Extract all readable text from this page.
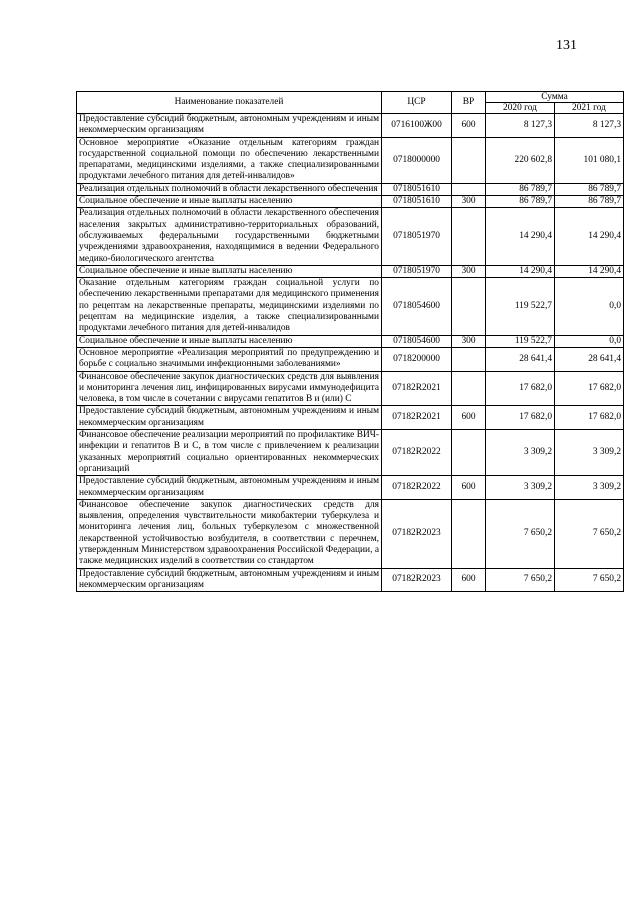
131
Наименование показателей	ЦСР	ВР	Сумма	
			2020 год	2021 год
Предоставление субсидий бюджетным, автономным учреждениям и иным некоммерческим организациям	0716100Ж00	600	8 127,3	8 127,3
Основное мероприятие «Оказание отдельным категориям граждан государственной социальной помощи по обеспечению лекарственными препаратами, медицинскими изделиями, а также специализированными продуктами лечебного питания для детей-инвалидов»	0718000000		220 602,8	101 080,1
Реализация отдельных полномочий в области лекарственного обеспечения	0718051610		86 789,7	86 789,7
Социальное обеспечение и иные выплаты населению	0718051610	300	86 789,7	86 789,7
Реализация отдельных полномочий в области лекарственного обеспечения населения закрытых административно-территориальных образований, обслуживаемых федеральными государственными бюджетными учреждениями здравоохранения, находящимися в ведении Федерального медико-биологического агентства	0718051970		14 290,4	14 290,4
Социальное обеспечение и иные выплаты населению	0718051970	300	14 290,4	14 290,4
Оказание отдельным категориям граждан социальной услуги по обеспечению лекарственными препаратами для медицинского применения по рецептам на лекарственные препараты, медицинскими изделиями по рецептам на медицинские изделия, а также специализированными продуктами лечебного питания для детей-инвалидов	0718054600		119 522,7	0,0
Социальное обеспечение и иные выплаты населению	0718054600	300	119 522,7	0,0
Основное мероприятие «Реализация мероприятий по предупреждению и борьбе с социально значимыми инфекционными заболеваниями»	0718200000		28 641,4	28 641,4
Финансовое обеспечение закупок диагностических средств для выявления и мониторинга лечения лиц, инфицированных вирусами иммунодефицита человека, в том числе в сочетании с вирусами гепатитов В и (или) С	07182R2021		17 682,0	17 682,0
Предоставление субсидий бюджетным, автономным учреждениям и иным некоммерческим организациям	07182R2021	600	17 682,0	17 682,0
Финансовое обеспечение реализации мероприятий по профилактике ВИЧ-инфекции и гепатитов В и С, в том числе с привлечением к реализации указанных мероприятий социально ориентированных некоммерческих организаций	07182R2022		3 309,2	3 309,2
Предоставление субсидий бюджетным, автономным учреждениям и иным некоммерческим организациям	07182R2022	600	3 309,2	3 309,2
Финансовое обеспечение закупок диагностических средств для выявления, определения чувствительности микобактерии туберкулеза и мониторинга лечения лиц, больных туберкулезом с множественной лекарственной устойчивостью возбудителя, в соответствии с перечнем, утвержденным Министерством здравоохранения Российской Федерации, а также медицинских изделий в соответствии со стандартом	07182R2023		7 650,2	7 650,2
Предоставление субсидий бюджетным, автономным учреждениям и иным некоммерческим организациям	07182R2023	600	7 650,2	7 650,2
